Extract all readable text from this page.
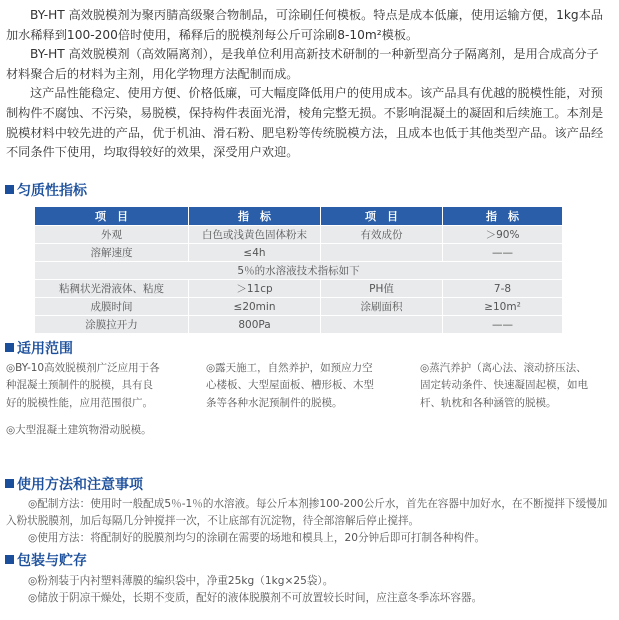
BY-HT 高效脱模剂为聚丙腈高级聚合物制品，可涂刷任何模板。特点是成本低廉，使用运输方便，1kg本品加水稀释到100-200倍时使用，稀释后的脱模剂每公斤可涂刷8-10m²模板。

BY-HT 高效脱模剂（高效隔离剂），是我单位利用高新技术研制的一种新型高分子隔离剂，是用合成高分子材料聚合后的材料为主剂，用化学物理方法配制而成。

这产品性能稳定、使用方便、价格低廉，可大幅度降低用户的使用成本。该产品具有优越的脱模性能，对预制构件不腐蚀、不污染，易脱模，保持构件表面光滑，棱角完整无损。不影响混凝土的凝固和后续施工。本剂是脱模材料中较先进的产品，优于机油、滑石粉、肥皂粉等传统脱模方法，且成本也低于其他类型产品。该产品经不同条件下使用，均取得较好的效果，深受用户欢迎。

匀质性指标
项　目	指　标	项　目	指　标
外观	白色或浅黄色固体粉末	有效成份	＞90%
溶解速度	≤4h		——
5％的水溶液技术指标如下			
粘稠状光滑液体、粘度	＞11cp	PH值	7-8
成膜时间	≤20min	涂刷面积	≥10m²
涂膜拉开力	800Pa		——
适用范围

◎BY-10高效脱模剂广泛应用于各种混凝土预制件的脱模，具有良好的脱模性能，应用范围很广。

◎大型混凝土建筑物滑动脱模。

◎露天施工，自然养护，如预应力空心楼板、大型屋面板、槽形板、木型条等各种水泥预制件的脱模。

◎蒸汽养护（离心法、滚动挤压法、固定转动条件、快速凝固起模，如电杆、轨枕和各种涵管的脱模。

使用方法和注意事项

◎配制方法：使用时一般配成5％-1％的水溶液。每公斤本剂掺100-200公斤水，首先在容器中加好水，在不断搅拌下缓慢加入粉状脱膜剂，加后每隔几分钟搅拌一次，不让底部有沉淀物，待全部溶解后停止搅拌。

◎使用方法：将配制好的脱膜剂均匀的涂刷在需要的场地和模具上，20分钟后即可打制各种构件。

包装与贮存

◎粉剂装于内衬塑料薄膜的编织袋中，净重25kg（1kg×25袋）。

◎储放于阴凉干燥处，长期不变质，配好的液体脱膜剂不可放置较长时间，应注意冬季冻坏容器。
